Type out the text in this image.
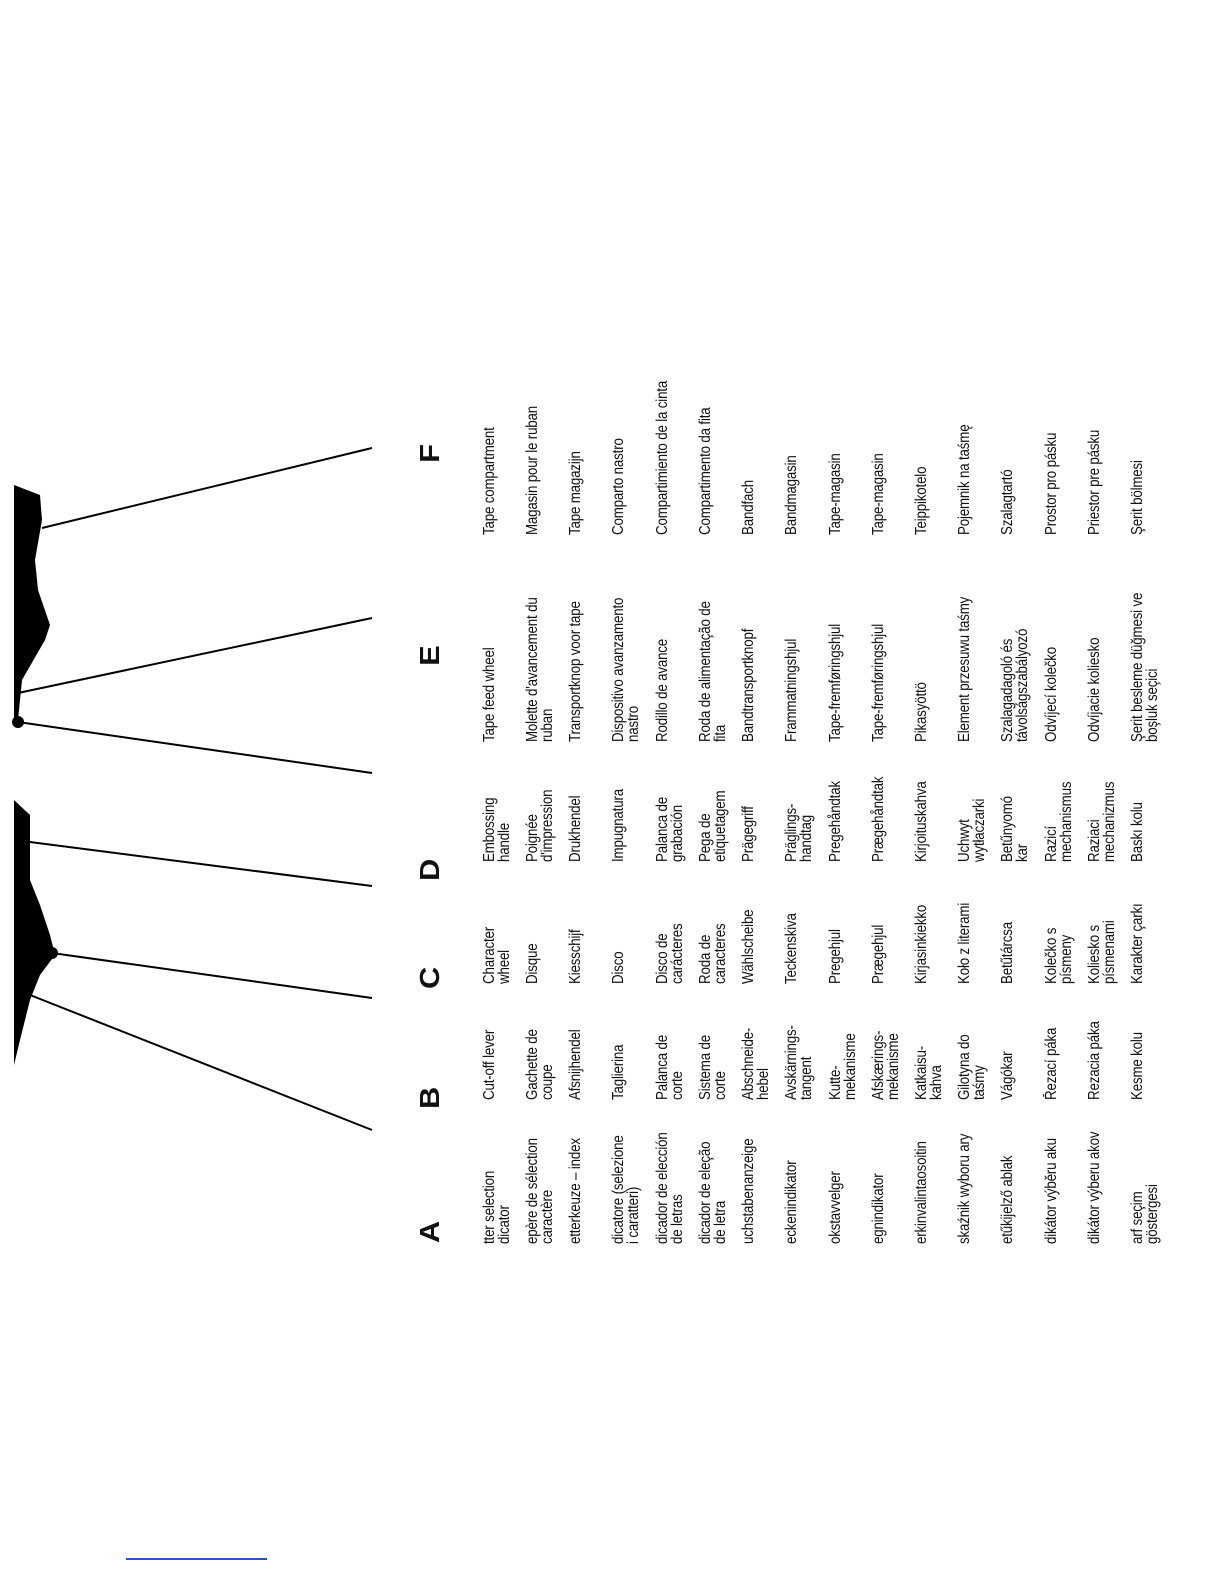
A
B
C
D
E
F
tter selection dicator
Cut-off lever
Character wheel
Embossing handle
Tape feed wheel
Tape compartment
epère de sélection caractère
Gachette de coupe
Disque
Poignée d'impression
Molette d'avancement du ruban
Magasin pour le ruban
etterkeuze – index
Afsnijhendel
Kiesschijf
Drukhendel
Transportknop voor tape
Tape magazijn
dicatore (selezione i caratteri)
Taglierina
Disco
Impugnatura
Dispositivo avanzamento nastro
Comparto nastro
dicador de elección de letras
Palanca de corte
Disco de carácteres
Palanca de grabación
Rodillo de avance
Compartimiento de la cinta
dicador de eleção de letra
Sistema de corte
Roda de caracteres
Pega de etiquetagem
Roda de alimentação de fita
Compartimento da fita
uchstabenanzeige
Abschneide-hebel
Wählscheibe
Prägegriff
Bandtransportknopf
Bandfach
eckenindikator
Avskärnings-tangent
Teckenskiva
Präglings-handtag
Frammatningshjul
Bandmagasin
okstavvelger
Kutte-mekanisme
Pregehjul
Pregehåndtak
Tape-fremføringshjul
Tape-magasin
egnindikator
Afskærings-mekanisme
Prægehjul
Prægehåndtak
Tape-fremføringshjul
Tape-magasin
erkinvalintaosoitin
Katkaisu-kahva
Kirjasinkiekko
Kirjoituskahva
Pikasyöttö
Teippikotelo
skaźnik wyboru ary
Gilotyna do taśmy
Koło z literami
Uchwyt wytłaczarki
Element przesuwu taśmy
Pojemnik na taśmę
etűkijelző ablak
Vágókar
Betűtárcsa
Betűnyomó kar
Szalagadagoló és távolságszabályozó
Szalagtartó
dikátor výběru aku
Řezací páka
Kolečko s písmeny
Razicí mechanismus
Odvíjecí kolečko
Prostor pro pásku
dikátor výberu akov
Rezacia páka
Koliesko s písmenami
Raziaci mechanizmus
Odvíjacie koliesko
Priestor pre pásku
arf seçim göstergesi
Kesme kolu
Karakter çarkı
Baskı kolu
Şerit besleme düğmesi ve boşluk seçici
Şerit bölmesi
